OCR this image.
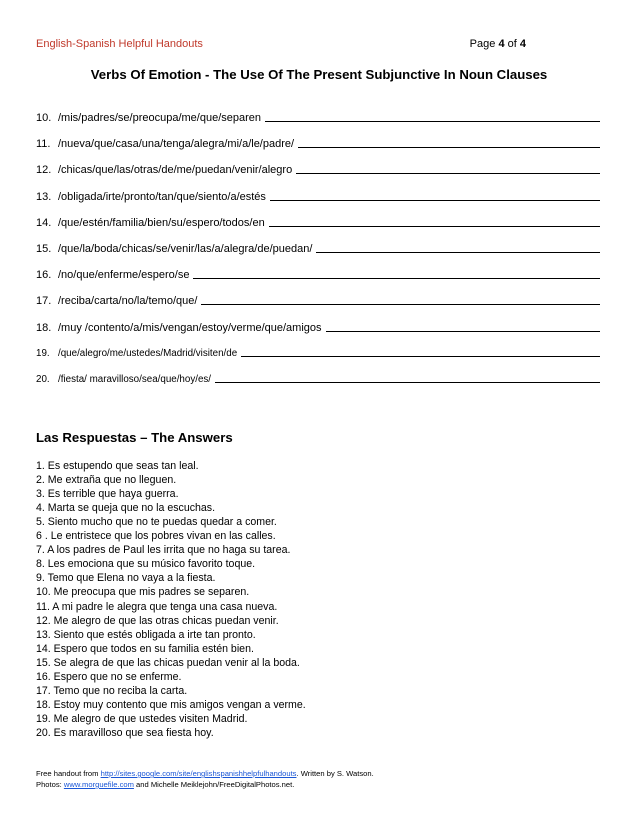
English-Spanish Helpful Handouts	Page 4 of 4
Verbs Of Emotion - The Use Of The Present Subjunctive In Noun Clauses
10. /mis/padres/se/preocupa/me/que/separen
11. /nueva/que/casa/una/tenga/alegra/mi/a/le/padre/
12. /chicas/que/las/otras/de/me/puedan/venir/alegro
13. /obligada/irte/pronto/tan/que/siento/a/estés
14. /que/estén/familia/bien/su/espero/todos/en
15. /que/la/boda/chicas/se/venir/las/a/alegra/de/puedan/
16. /no/que/enferme/espero/se
17. /reciba/carta/no/la/temo/que/
18. /muy /contento/a/mis/vengan/estoy/verme/que/amigos
19. /que/alegro/me/ustedes/Madrid/visiten/de
20. /fiesta/ maravilloso/sea/que/hoy/es/
Las Respuestas – The Answers
1. Es estupendo que seas tan leal.
2. Me extraña que no lleguen.
3. Es terrible que haya guerra.
4. Marta se queja que no la escuchas.
5. Siento mucho que no te puedas quedar a comer.
6 . Le entristece que los pobres vivan en las calles.
7. A los padres de Paul les irrita que no haga su tarea.
8. Les emociona que su músico favorito toque.
9. Temo que Elena no vaya a la fiesta.
10. Me preocupa que mis padres se separen.
11. A mi padre le alegra que tenga una casa nueva.
12. Me alegro de que las otras chicas puedan venir.
13. Siento que estés obligada a irte tan pronto.
14. Espero que todos en su familia estén bien.
15. Se alegra de que las chicas puedan venir al la boda.
16. Espero que no se enferme.
17. Temo que no reciba la carta.
18. Estoy muy contento que mis amigos vengan a verme.
19. Me alegro de que ustedes visiten Madrid.
20. Es maravilloso que sea fiesta hoy.
Free handout from http://sites.google.com/site/englishspanishhelpfulhandouts. Written by S. Watson.
Photos: www.morguefile.com and Michelle Meiklejohn/FreeDigitalPhotos.net.
